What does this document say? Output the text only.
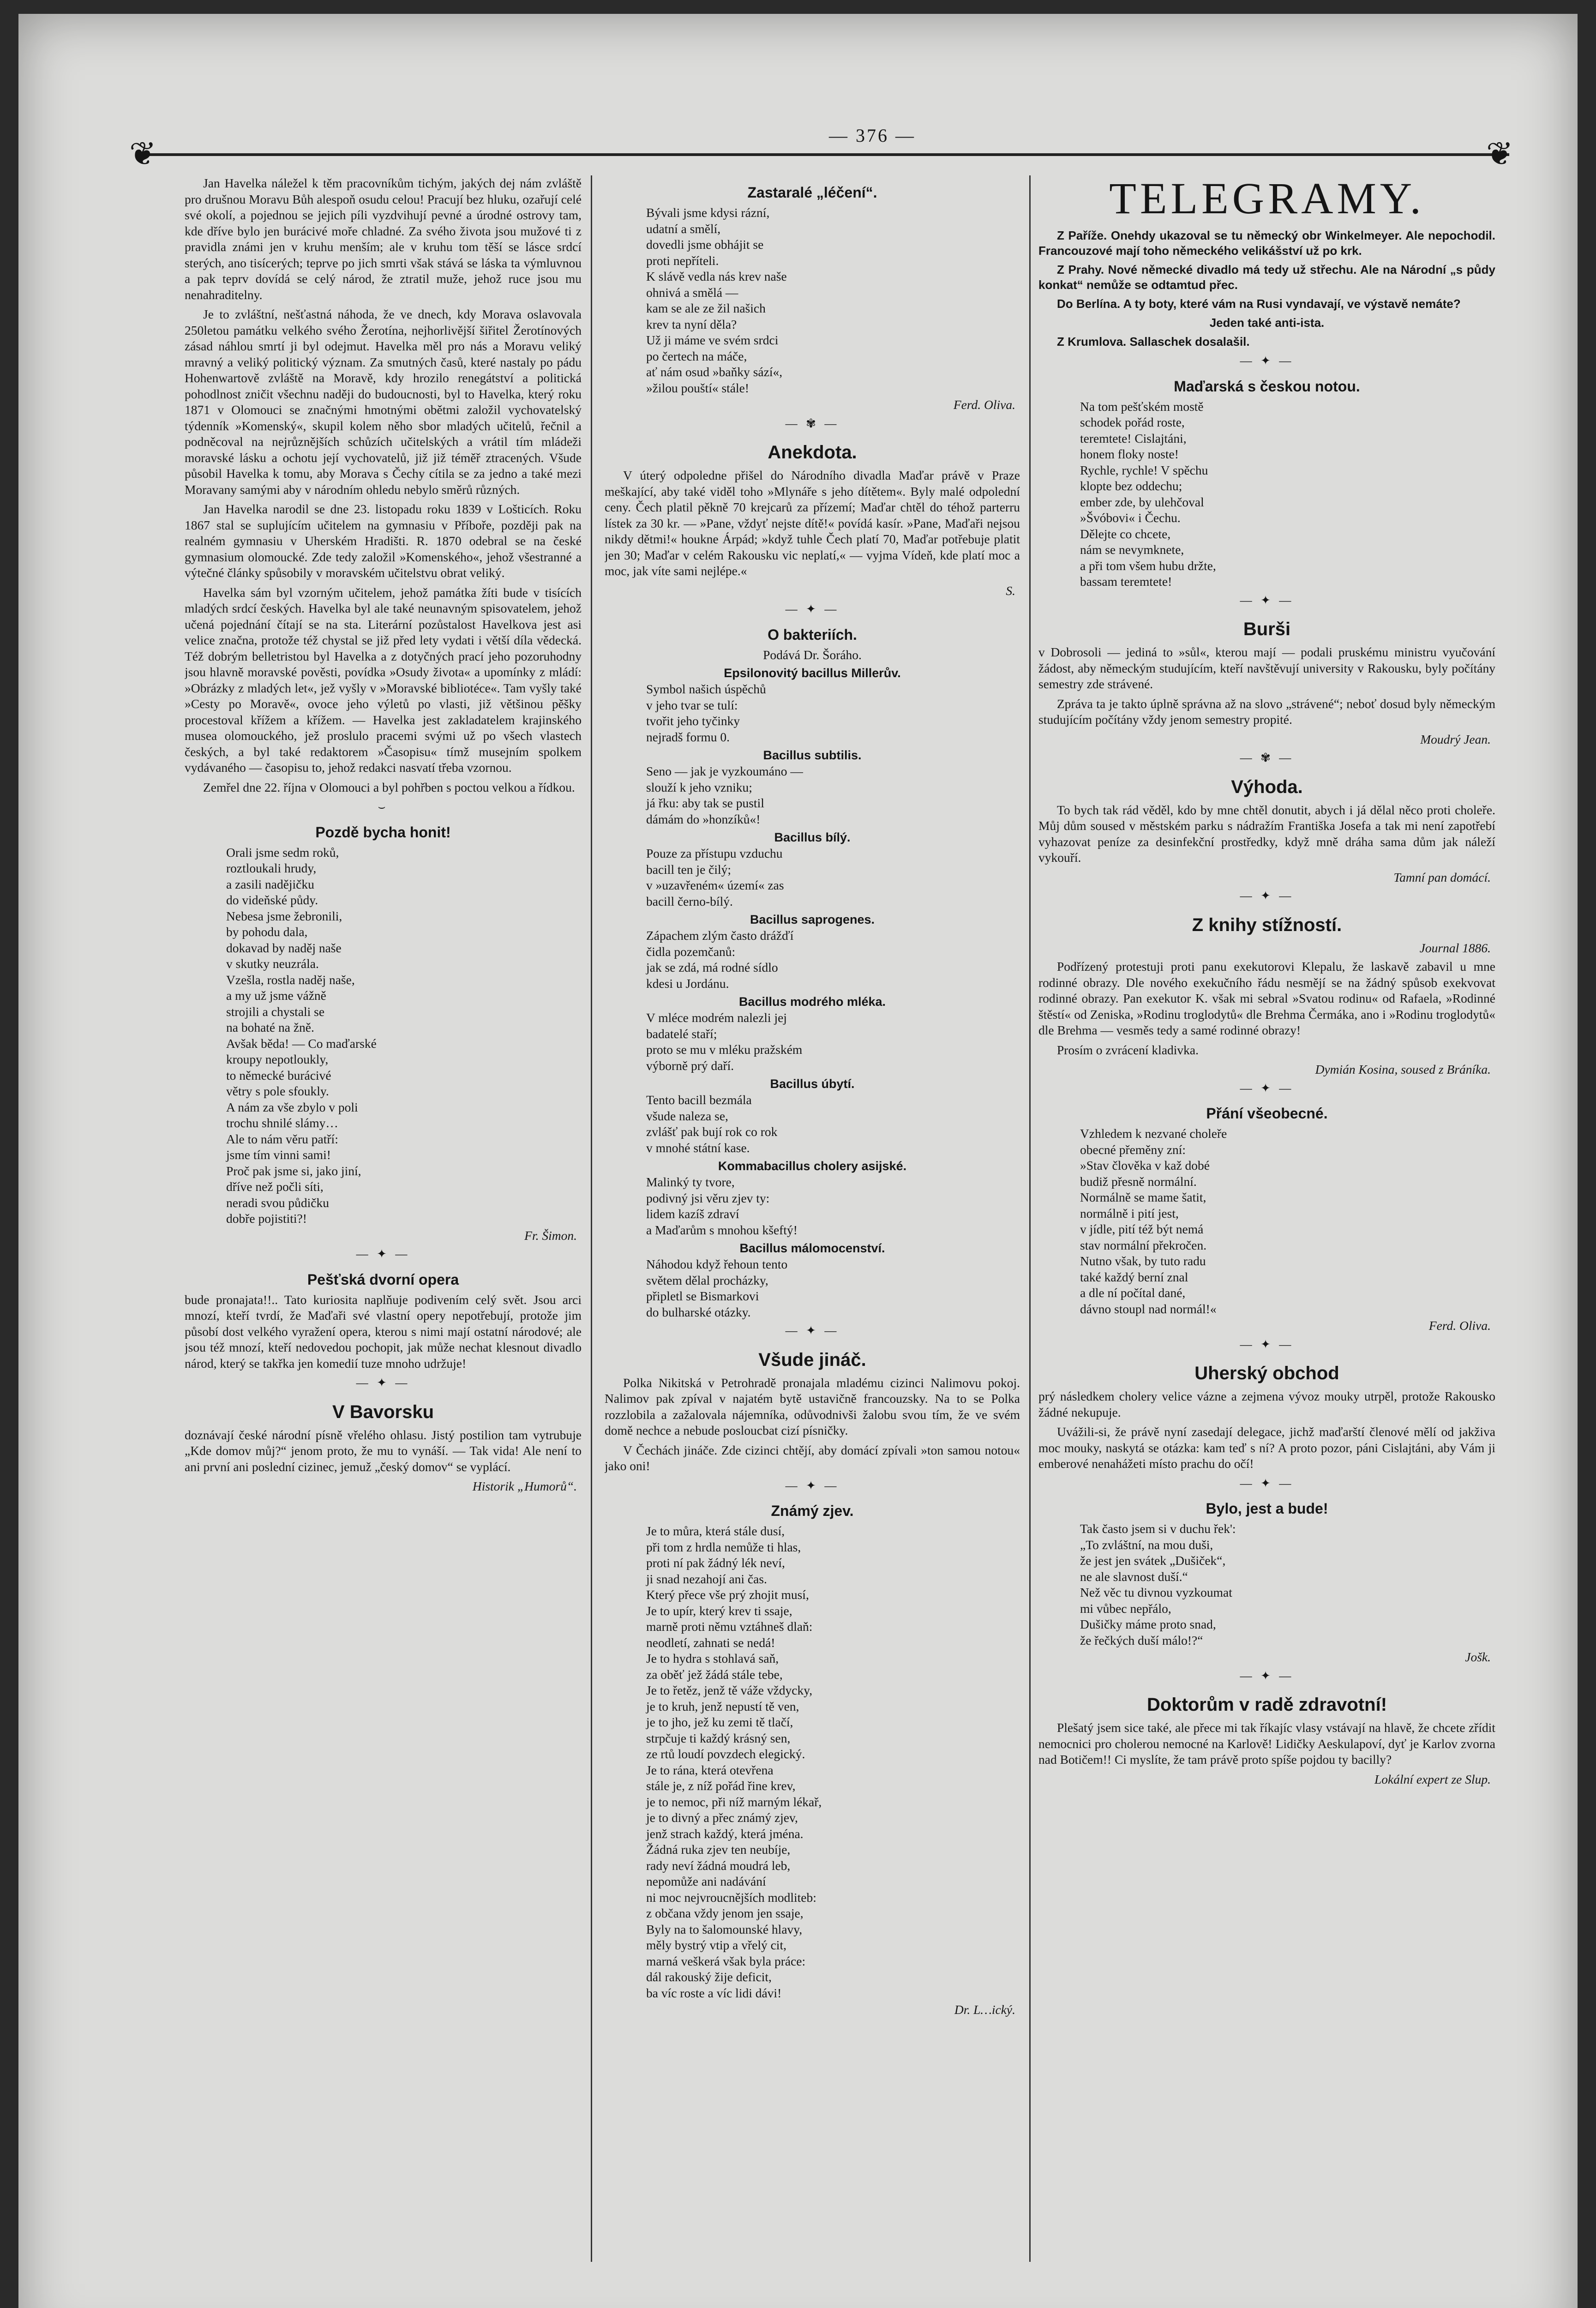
— 376 —
❦	❦

Jan Havelka náležel k těm pracovníkům tichým, jakých dej nám zvláště pro drušnou Moravu Bůh alespoň osudu celou! Pracují bez hluku, ozařují celé své okolí, a pojednou se jejich píli vyzdvihují pevné a úrodné ostrovy tam, kde dříve bylo jen burácivé moře chladné. Za svého života jsou mužové ti z pravidla známi jen v kruhu menším; ale v kruhu tom těší se lásce srdcí sterých, ano tisícerých; teprve po jich smrti však stává se láska ta výmluvnou a pak teprv dovídá se celý národ, že ztratil muže, jehož ruce jsou mu nenahraditelny.

Je to zvláštní, nešťastná náhoda, že ve dnech, kdy Morava oslavovala 250letou památku velkého svého Žerotína, nejhorlivější šiřitel Žerotínových zásad náhlou smrtí ji byl odejmut. Havelka měl pro nás a Moravu veliký mravný a veliký politický význam. Za smutných časů, které nastaly po pádu Hohenwartově zvláště na Moravě, kdy hrozilo renegátství a politická pohodlnost zničit všechnu naději do budoucnosti, byl to Havelka, který roku 1871 v Olomouci se značnými hmotnými obětmi založil vychovatelský týdenník »Komenský«, skupil kolem něho sbor mladých učitelů, řečnil a podněcoval na nejrůznějších schůzích učitelských a vrátil tím mládeži moravské lásku a ochotu její vychovatelů, již již téměř ztracených. Všude působil Havelka k tomu, aby Morava s Čechy cítila se za jedno a také mezi Moravany samými aby v národním ohledu nebylo směrů různých.

Jan Havelka narodil se dne 23. listopadu roku 1839 v Lošticích. Roku 1867 stal se suplujícím učitelem na gymnasiu v Příboře, později pak na realném gymnasiu v Uherském Hradišti. R. 1870 odebral se na české gymnasium olomoucké. Zde tedy založil »Komenského«, jehož všestranné a výtečné články spůsobily v moravském učitelstvu obrat veliký.

Havelka sám byl vzorným učitelem, jehož památka žíti bude v tisících mladých srdcí českých. Havelka byl ale také neunavným spisovatelem, jehož učená pojednání čítají se na sta. Literární pozůstalost Havelkova jest asi velice značna, protože též chystal se již před lety vydati i větší díla vědecká. Též dobrým belletristou byl Havelka a z dotyčných prací jeho pozoruhodny jsou hlavně moravské pověsti, povídka »Osudy života« a upomínky z mládí: »Obrázky z mladých let«, jež vyšly v »Moravské bibliotéce«. Tam vyšly také »Cesty po Moravě«, ovoce jeho výletů po vlasti, již většinou pěšky procestoval křížem a křížem. — Havelka jest zakladatelem krajinského musea olomouckého, jež proslulo pracemi svými už po všech vlastech českých, a byl také redaktorem »Časopisu« tímž musejním spolkem vydávaného — časopisu to, jehož redakci nasvatí třeba vzornou.

Zemřel dne 22. října v Olomouci a byl pohřben s poctou velkou a řídkou.

⌣
Pozdě bycha honit!
Orali jsme sedm roků,
roztloukali hrudy,
a zasili nadějičku
do videňské půdy.
Nebesa jsme žebronili,
by pohodu dala,
dokavad by naděj naše
v skutky neuzrála.
Vzešla, rostla naděj naše,
a my už jsme vážně
strojili a chystali se
na bohaté na žně.
Avšak běda! — Co maďarské
kroupy nepotloukly,
to německé burácivé
větry s pole sfoukly.
A nám za vše zbylo v poli
trochu shnilé slámy…
Ale to nám věru patří:
jsme tím vinni sami!
Proč pak jsme si, jako jiní,
dříve než počli síti,
neradi svou půdičku
dobře pojistiti?!
Fr. Šimon.
— ✦ —
Pešťská dvorní opera

bude pronajata!!.. Tato kuriosita naplňuje podivením celý svět. Jsou arci mnozí, kteří tvrdí, že Maďaři své vlastní opery nepotřebují, protože jim působí dost velkého vyražení opera, kterou s nimi mají ostatní národové; ale jsou též mnozí, kteří nedovedou pochopit, jak může nechat klesnout divadlo národ, který se takřka jen komedií tuze mnoho udržuje!

— ✦ —
V Bavorsku

doznávají české národní písně vřelého ohlasu. Jistý postilion tam vytrubuje „Kde domov můj?“ jenom proto, že mu to vynáší. — Tak vida! Ale není to ani první ani poslední cizinec, jemuž „český domov“ se vyplácí.

Historik „Humorů“.
Zastaralé „léčení“.
Bývali jsme kdysi rázní,
udatní a smělí,
dovedli jsme obhájit se
proti nepříteli.
K slávě vedla nás krev naše
ohnivá a smělá —
kam se ale ze žil našich
krev ta nyní děla?
Už ji máme ve svém srdci
po čertech na máče,
ať nám osud »baňky sází«,
»žilou pouští« stále!
Ferd. Oliva.
— ✾ —
Anekdota.

V úterý odpoledne přišel do Národního divadla Maďar právě v Praze meškající, aby také viděl toho »Mlynáře s jeho dítětem«. Byly malé odpolední ceny. Čech platil pěkně 70 krejcarů za přízemí; Maďar chtěl do téhož parterru lístek za 30 kr. — »Pane, vždyť nejste dítě!« povídá kasír. »Pane, Maďaři nejsou nikdy dětmi!« houkne Árpád; »když tuhle Čech platí 70, Maďar potřebuje platit jen 30; Maďar v celém Rakousku vic neplatí,« — vyjma Vídeň, kde platí moc a moc, jak víte sami nejlépe.«

S.
— ✦ —
O bakteriích.
Podává Dr. Šoráho.
Epsilonovitý bacillus Millerův.
Symbol našich úspěchů
v jeho tvar se tulí:
tvořit jeho tyčinky
nejradš formu 0.
Bacillus subtilis.
Seno — jak je vyzkoumáno —
slouží k jeho vzniku;
já řku: aby tak se pustil
dámám do »honzíků«!
Bacillus bílý.
Pouze za přístupu vzduchu
bacill ten je čilý;
v »uzavřeném« území« zas
bacill černo-bílý.
Bacillus saprogenes.
Zápachem zlým často drážďí
čidla pozemčanů:
jak se zdá, má rodné sídlo
kdesi u Jordánu.
Bacillus modrého mléka.
V mléce modrém nalezli jej
badatelé staří;
proto se mu v mléku pražském
výborně prý daří.
Bacillus úbytí.
Tento bacill bezmála
všude naleza se,
zvlášť pak bují rok co rok
v mnohé státní kase.
Kommabacillus cholery asijské.
Malinký ty tvore,
podivný jsi věru zjev ty:
lidem kazíš zdraví
a Maďarům s mnohou kšeftý!
Bacillus málomocenství.
Náhodou když řehoun tento
světem dělal procházky,
připletl se Bismarkovi
do bulharské otázky.
— ✦ —
Všude jináč.

Polka Nikitská v Petrohradě pronajala mladému cizinci Nalimovu pokoj. Nalimov pak zpíval v najatém bytě ustavičně francouzsky. Na to se Polka rozzlobila a zažalovala nájemníka, odůvodnivši žalobu svou tím, že ve svém domě nechce a nebude posloucbat cizí písničky.

V Čechách jináče. Zde cizinci chtějí, aby domácí zpívali »ton samou notou« jako oni!

— ✦ —
Známý zjev.
Je to můra, která stále dusí,
při tom z hrdla nemůže ti hlas,
proti ní pak žádný lék neví,
ji snad nezahojí ani čas.
Který přece vše prý zhojit musí,
Je to upír, který krev ti ssaje,
marně proti němu vztáhneš dlaň:
neodletí, zahnati se nedá!
Je to hydra s stohlavá saň,
za oběť jež žádá stále tebe,
Je to řetěz, jenž tě váže vždycky,
je to kruh, jenž nepustí tě ven,
je to jho, jež ku zemi tě tlačí,
strpčuje ti každý krásný sen,
ze rtů loudí povzdech elegický.
Je to rána, která otevřena
stále je, z níž pořád řine krev,
je to nemoc, při níž marným lékař,
je to divný a přec známý zjev,
jenž strach každý, která jména.
Žádná ruka zjev ten neubíje,
rady neví žádná moudrá leb,
nepomůže ani nadávání
ni moc nejvroucnějších modliteb:
z občana vždy jenom jen ssaje,
Byly na to šalomounské hlavy,
měly bystrý vtip a vřelý cit,
marná veškerá však byla práce:
dál rakouský žije deficit,
ba víc roste a víc lidi dávi!
Dr. L…ický.
TELEGRAMY.

Z Paříže. Onehdy ukazoval se tu německý obr Winkelmeyer. Ale nepochodil. Francouzové mají toho německého velikášství už po krk.

Z Prahy. Nové německé divadlo má tedy už střechu. Ale na Národní „s půdy konkat“ nemůže se odtamtud přec.

Do Berlína. A ty boty, které vám na Rusi vyndavají, ve výstavě nemáte?

Jeden také anti-ista.

Z Krumlova. Sallaschek dosalašil.

— ✦ —
Maďarská s českou notou.
Na tom pešťském mostě
schodek pořád roste,
teremtete! Cislajtáni,
honem floky noste!
Rychle, rychle! V spěchu
klopte bez oddechu;
ember zde, by ulehčoval
»Švóbovi« i Čechu.
Dělejte co chcete,
nám se nevymknete,
a při tom všem hubu držte,
bassam teremtete!
— ✦ —
Burši

v Dobrosoli — jediná to »sůl«, kterou mají — podali pruskému ministru vyučování žádost, aby německým studujícím, kteří navštěvují university v Rakousku, byly počítány semestry zde strávené.

Zpráva ta je takto úplně správna až na slovo „strávené“; neboť dosud byly německým studujícím počítány vždy jenom semestry propité.

Moudrý Jean.
— ✾ —
Výhoda.

To bych tak rád věděl, kdo by mne chtěl donutit, abych i já dělal něco proti choleře. Můj dům soused v městském parku s nádražím Františka Josefa a tak mi není zapotřebí vyhazovat peníze za desinfekční prostředky, když mně dráha sama dům jak náleží vykouří.

Tamní pan domácí.
— ✦ —
Z knihy stížností.
Journal 1886.

Podřízený protestuji proti panu exekutorovi Klepalu, že laskavě zabavil u mne rodinné obrazy. Dle nového exekučního řádu nesmějí se na žádný spůsob exekvovat rodinné obrazy. Pan exekutor K. však mi sebral »Svatou rodinu« od Rafaela, »Rodinné štěstí« od Zeniska, »Rodinu troglodytů« dle Brehma Čermáka, ano i »Rodinu troglodytů« dle Brehma — vesměs tedy a samé rodinné obrazy!

Prosím o zvrácení kladivka.

Dymián Kosina, soused z Bráníka.
— ✦ —
Přání všeobecné.
Vzhledem k nezvané choleře
obecné přeměny zní:
»Stav člověka v kaž dobé
budiž přesně normální.
Normálně se mame šatit,
normálně i pití jest,
v jídle, pití též být nemá
stav normální překročen.
Nutno však, by tuto radu
také každý berní znal
a dle ní počítal dané,
dávno stoupl nad normál!«
Ferd. Oliva.
— ✦ —
Uherský obchod

prý následkem cholery velice vázne a zejmena vývoz mouky utrpěl, protože Rakousko žádné nekupuje.

Uvážili-si, že právě nyní zasedají delegace, jichž maďarští členové mělí od jakživa moc mouky, naskytá se otázka: kam teď s ní? A proto pozor, páni Cislajtáni, aby Vám ji emberové nenahážeti místo prachu do očí!

— ✦ —
Bylo, jest a bude!
Tak často jsem si v duchu řek':
„To zvláštní, na mou duši,
že jest jen svátek „Dušiček“,
ne ale slavnost duší.“
Než věc tu divnou vyzkoumat
mi vůbec nepřálo,
Dušičky máme proto snad,
že řečkých duší málo!?“
Jošk.
— ✦ —
Doktorům v radě zdravotní!

Plešatý jsem sice také, ale přece mi tak říkajíc vlasy vstávají na hlavě, že chcete zřídit nemocnici pro cholerou nemocné na Karlově! Lidičky Aeskulapoví, dyť je Karlov zvorna nad Botičem!! Ci myslíte, že tam právě proto spíše pojdou ty bacilly?

Lokální expert ze Slup.
